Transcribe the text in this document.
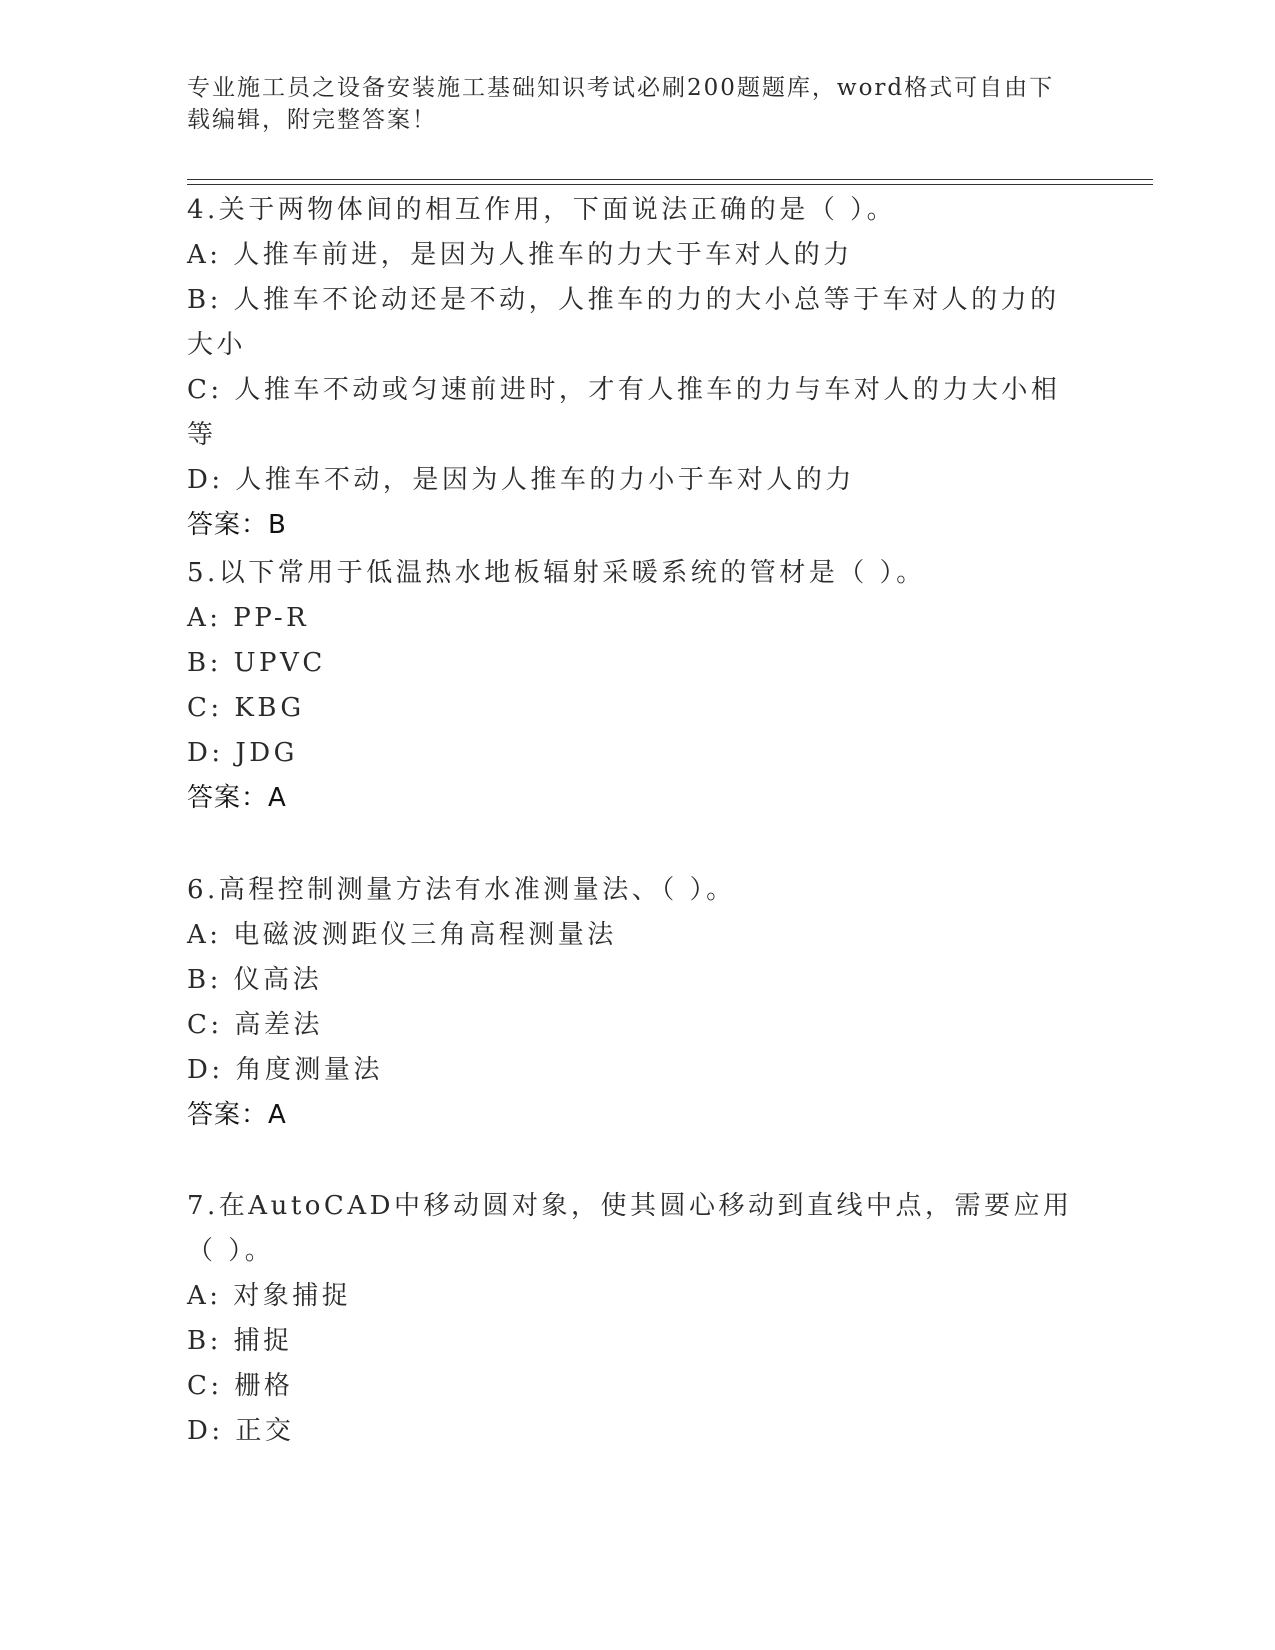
专业施工员之设备安装施工基础知识考试必刷200题题库，word格式可自由下载编辑，附完整答案！

4.关于两物体间的相互作用，下面说法正确的是（ ）。

A: 人推车前进，是因为人推车的力大于车对人的力

B: 人推车不论动还是不动，人推车的力的大小总等于车对人的力的大小

C: 人推车不动或匀速前进时，才有人推车的力与车对人的力大小相等

D: 人推车不动，是因为人推车的力小于车对人的力

答案：B

5.以下常用于低温热水地板辐射采暖系统的管材是（ ）。

A: PP-R

B: UPVC

C: KBG

D: JDG

答案：A

6.高程控制测量方法有水准测量法、（ ）。

A: 电磁波测距仪三角高程测量法

B: 仪高法

C: 高差法

D: 角度测量法

答案：A

7.在AutoCAD中移动圆对象，使其圆心移动到直线中点，需要应用（ ）。

A: 对象捕捉

B: 捕捉

C: 栅格

D: 正交
